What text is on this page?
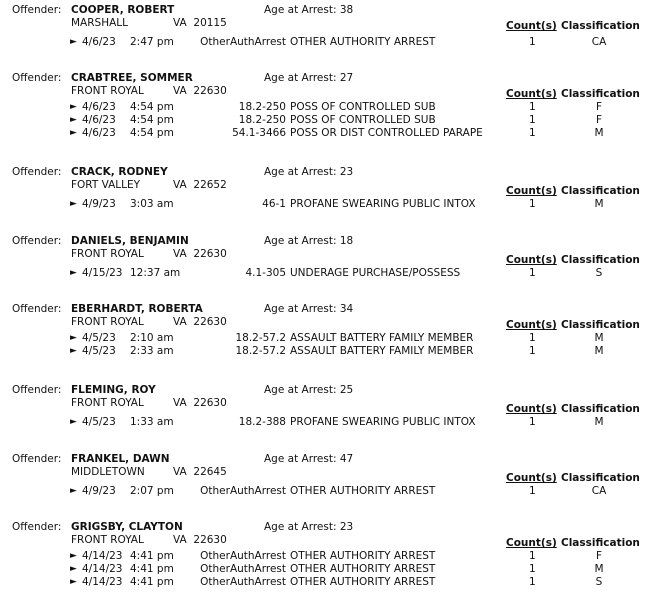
Offender: COOPER, ROBERT	Age at Arrest: 38
MARSHALL	VA 20115	Count(s) Classification
► 4/6/23 2:47 pm	OtherAuthArrest OTHER AUTHORITY ARREST	1	CA
Offender: CRABTREE, SOMMER	Age at Arrest: 27
FRONT ROYAL	VA 22630	Count(s) Classification
► 4/6/23 4:54 pm	18.2-250 POSS OF CONTROLLED SUB	1	F
► 4/6/23 4:54 pm	18.2-250 POSS OF CONTROLLED SUB	1	F
► 4/6/23 4:54 pm	54.1-3466 POSS OR DIST CONTROLLED PARAPE	1	M
Offender: CRACK, RODNEY	Age at Arrest: 23
FORT VALLEY	VA 22652	Count(s) Classification
► 4/9/23 3:03 am	46-1 PROFANE SWEARING PUBLIC INTOX	1	M
Offender: DANIELS, BENJAMIN	Age at Arrest: 18
FRONT ROYAL	VA 22630	Count(s) Classification
► 4/15/23 12:37 am	4.1-305 UNDERAGE PURCHASE/POSSESS	1	S
Offender: EBERHARDT, ROBERTA	Age at Arrest: 34
FRONT ROYAL	VA 22630	Count(s) Classification
► 4/5/23 2:10 am	18.2-57.2 ASSAULT BATTERY FAMILY MEMBER	1	M
► 4/5/23 2:33 am	18.2-57.2 ASSAULT BATTERY FAMILY MEMBER	1	M
Offender: FLEMING, ROY	Age at Arrest: 25
FRONT ROYAL	VA 22630	Count(s) Classification
► 4/5/23 1:33 am	18.2-388 PROFANE SWEARING PUBLIC INTOX	1	M
Offender: FRANKEL, DAWN	Age at Arrest: 47
MIDDLETOWN	VA 22645	Count(s) Classification
► 4/9/23 2:07 pm	OtherAuthArrest OTHER AUTHORITY ARREST	1	CA
Offender: GRIGSBY, CLAYTON	Age at Arrest: 23
FRONT ROYAL	VA 22630	Count(s) Classification
► 4/14/23 4:41 pm	OtherAuthArrest OTHER AUTHORITY ARREST	1	F
► 4/14/23 4:41 pm	OtherAuthArrest OTHER AUTHORITY ARREST	1	M
► 4/14/23 4:41 pm	OtherAuthArrest OTHER AUTHORITY ARREST	1	S
